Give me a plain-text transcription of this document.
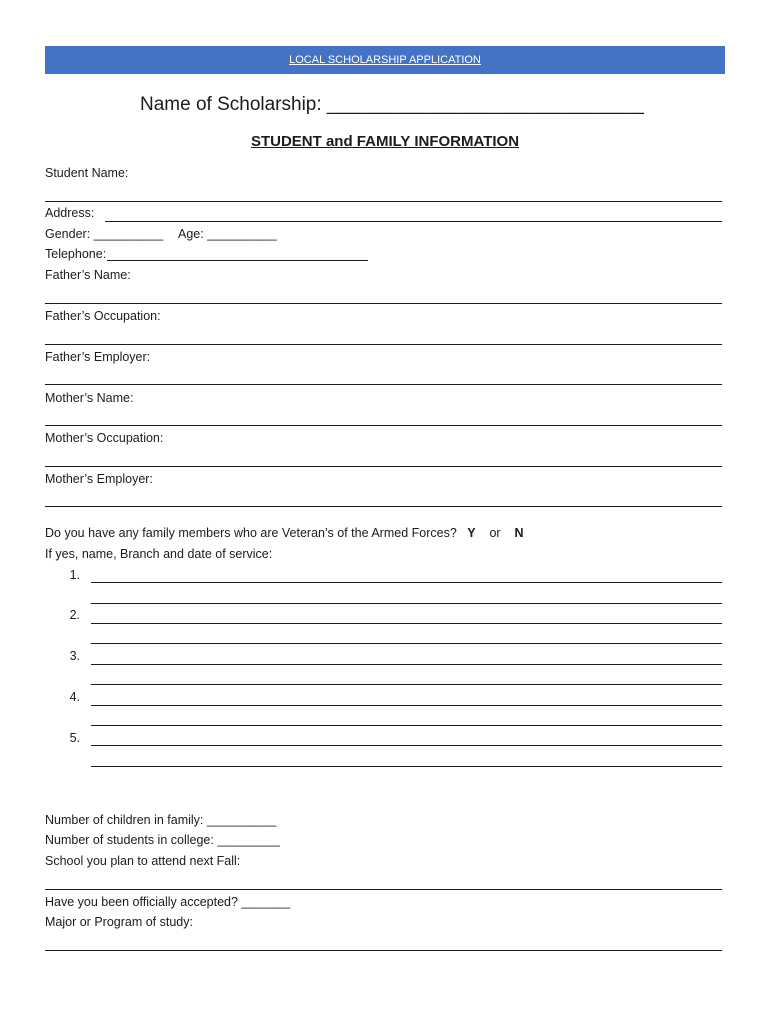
LOCAL SCHOLARSHIP APPLICATION
Name of Scholarship: ______________________________
STUDENT and FAMILY INFORMATION
Student Name:
Address:
Gender: __________ Age: __________
Telephone:
Father’s Name:
Father’s Occupation:
Father’s Employer:
Mother’s Name:
Mother’s Occupation:
Mother’s Employer:
Do you have any family members who are Veteran’s of the Armed Forces? Y or N
If yes, name, Branch and date of service:
1.
2.
3.
4.
5.
Number of children in family: __________
Number of students in college: _________
School you plan to attend next Fall:
Have you been officially accepted? _______
Major or Program of study:
